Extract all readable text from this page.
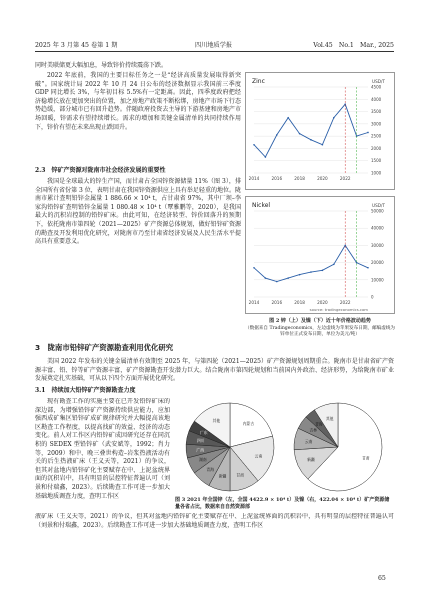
2025 年 3 月第 45 卷第 1 期	四川地质学报	Vol.45　No.1　Mar., 2025
同时美联储更大幅加息，导致锌价持续震荡下跌。
2022 年底前，我国的主要目标任务之一是“经济高质量发展取得新突破”。国家统计局 2022 年 10 月 24 日公布的经济数据显示我国前三季度 GDP 同比增长 3%，与年初目标 5.5%有一定距离。因此，四季度政府把经济稳增长放在更加突出的位置，加之房地产政策不断松绑，房地产市场下行态势趋缓，部分城市已有回升趋势。伴随政府投资去主导的下游基建和房地产市场回暖，锌需求有望持续增长。需求的增加和美键金属清单的共同持续作用下，锌价有望在未来出现止跌回升。
2.3　锌矿产资源对陇南市社会经济发展的重要性
我国是全球最大的锌生产国，而甘肃占全国锌资源储量 11%（图 3），排全国所有省份第 3 位，表明甘肃在我国锌资源供应上具有举足轻重的地位。陇南市累计查明铅锌金属量 1 886.66 × 10⁴ t，占甘肃省 97%，其中厂坝–李家沟铅锌矿查明铅锌金属量 1 080.48 × 10⁴ t（覃雅鹏等，2020），是我国最大的沉积岩控制的铅锌矿床。由此可知，在经济转型、锌价回落升的预期下，依托陇南市第四轮（2021—2025）矿产资源总体规划，做好铅锌矿资源的勘查及开发利用优化研究，对陇南市乃至甘肃省经济发展及人民生活水平提高具有重要意义。
Zinc	USD/T
1000
1500
2000
2500
3000
3500
4000
4500
2014	2016	2018	2020	2022
Nickel	USD/T
0
10000
20000
30000
40000
50000
2014	2016	2018	2020	2022
source: tradingeconomics.com
图 2 锌（上）及镍（下）近十年价格波动趋势
（数据来自 Tradingeconomics，左边虚线为苹果发布日期，邮编虚线为锌单位正式发布日期，单位为美元/吨）
3　陇南市铅锌矿产资源勘查利用优化研究
美国 2022 年发布的关键金属清单有效期至 2025 年，与第四轮（2021—2025）矿产资源规划周期重合。陇南市是甘肃省矿产资源丰富、铅、锌等矿产资源丰富，矿产资源勘查开发潜力巨大。结合陇南市第四轮规划和当前国内外政治、经济形势，为给陇南市矿业发展奠定扎实基础，可从以下四个方面开展优化研究。
3.1　持续加大铅锌矿产资源勘查力度
现有勘查工作的实施主要在已开发铅锌矿床的深边部，为增强铅锌矿产资源持续供应能力，应加强西成矿集区铅锌矿成矿规律研究并大幅提高该地区勘查工作程度，以提高找矿的效益、经济的动态变化。前人对工作区内铅锌矿成因研究还存在同沉积的 SEDEX 型铅锌矿（武安斌等，1992；肖力等，2009）和中、晚三叠世构造–岩浆热液活动有关的后生热液矿床（王义天等，2021）的争议，但其对盆地内铅锌矿化主要赋存在中、上泥盆统界面的沉积岩中，具有明显的层控特征普遍认可（刘景和付瑞鑫，2023）。后续勘查工作可进一步加大基础地质调查力度，查明工作区
内蒙古
云南
甘肃
新疆
青海
湖南
广西
四川
广东
其他
甘肃
新疆
云南
吉林
青海
其他
图 3 2021 年全国锌（左，全国 4422.9 × 10⁴ t）及镍（右，422.04 × 10⁴ t）矿产资源储量各省占比，数据来自自然资源部
液矿床（王义天等，2021）的争议，但其对盆地内铅锌矿化主要赋存在中、上泥盆统界面的沉积岩中，具有明显的层控特征普遍认可（刘景和付瑞鑫，2023）。后续勘查工作可进一步加大基础地质调查力度，查明工作区
65
